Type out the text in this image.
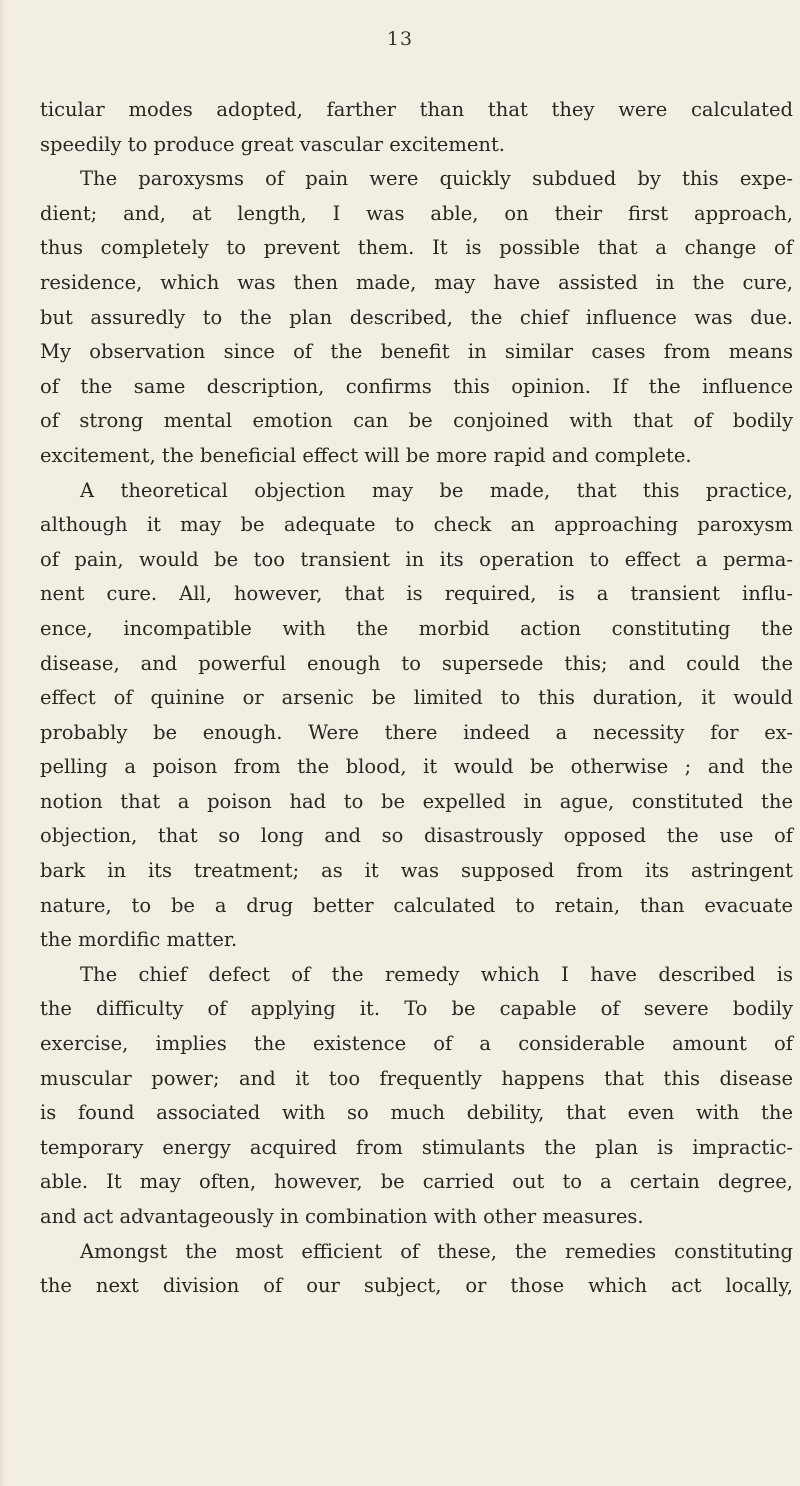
13
ticular modes adopted, farther than that they were calculated
speedily to produce great vascular excitement.
The paroxysms of pain were quickly subdued by this expe-
dient; and, at length, I was able, on their first approach,
thus completely to prevent them. It is possible that a change of
residence, which was then made, may have assisted in the cure,
but assuredly to the plan described, the chief influence was due.
My observation since of the benefit in similar cases from means
of the same description, confirms this opinion. If the influence
of strong mental emotion can be conjoined with that of bodily
excitement, the beneficial effect will be more rapid and complete.
A theoretical objection may be made, that this practice,
although it may be adequate to check an approaching paroxysm
of pain, would be too transient in its operation to effect a perma-
nent cure. All, however, that is required, is a transient influ-
ence, incompatible with the morbid action constituting the
disease, and powerful enough to supersede this; and could the
effect of quinine or arsenic be limited to this duration, it would
probably be enough. Were there indeed a necessity for ex-
pelling a poison from the blood, it would be otherwise ; and the
notion that a poison had to be expelled in ague, constituted the
objection, that so long and so disastrously opposed the use of
bark in its treatment; as it was supposed from its astringent
nature, to be a drug better calculated to retain, than evacuate
the mordific matter.
The chief defect of the remedy which I have described is
the difficulty of applying it. To be capable of severe bodily
exercise, implies the existence of a considerable amount of
muscular power; and it too frequently happens that this disease
is found associated with so much debility, that even with the
temporary energy acquired from stimulants the plan is impractic-
able. It may often, however, be carried out to a certain degree,
and act advantageously in combination with other measures.
Amongst the most efficient of these, the remedies constituting
the next division of our subject, or those which act locally,
